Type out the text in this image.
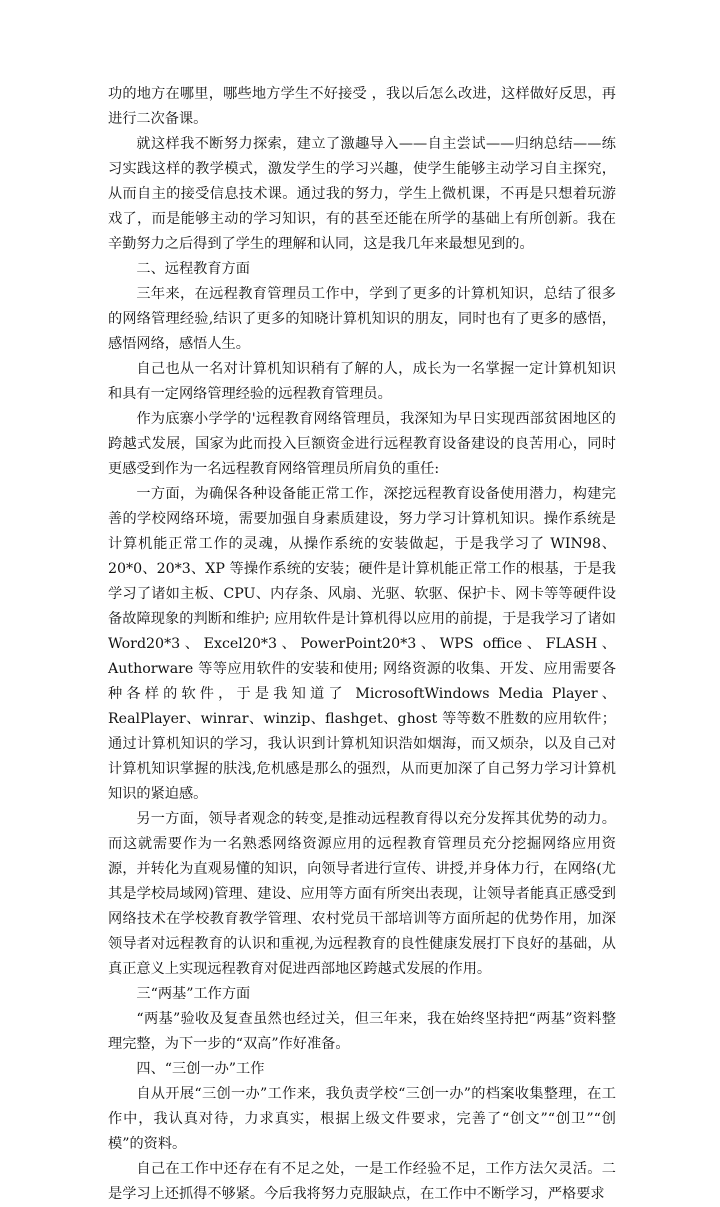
功的地方在哪里，哪些地方学生不好接受 ，我以后怎么改进，这样做好反思，再进行二次备课。

就这样我不断努力探索，建立了激趣导入——自主尝试——归纳总结——练习实践这样的教学模式，激发学生的学习兴趣，使学生能够主动学习自主探究，从而自主的接受信息技术课。通过我的努力，学生上微机课，不再是只想着玩游戏了，而是能够主动的学习知识，有的甚至还能在所学的基础上有所创新。我在辛勤努力之后得到了学生的理解和认同，这是我几年来最想见到的。

二、远程教育方面

三年来，在远程教育管理员工作中，学到了更多的计算机知识，总结了很多的网络管理经验,结识了更多的知晓计算机知识的朋友，同时也有了更多的感悟，感悟网络，感悟人生。

自己也从一名对计算机知识稍有了解的人，成长为一名掌握一定计算机知识和具有一定网络管理经验的远程教育管理员。

作为底寨小学学的'远程教育网络管理员，我深知为早日实现西部贫困地区的跨越式发展，国家为此而投入巨额资金进行远程教育设备建设的良苦用心，同时更感受到作为一名远程教育网络管理员所肩负的重任:

一方面，为确保各种设备能正常工作，深挖远程教育设备使用潜力，构建完善的学校网络环境，需要加强自身素质建设，努力学习计算机知识。操作系统是计算机能正常工作的灵魂，从操作系统的安装做起，于是我学习了 WIN98、20*0、20*3、XP 等操作系统的安装；硬件是计算机能正常工作的根基，于是我学习了诸如主板、CPU、内存条、风扇、光驱、软驱、保护卡、网卡等等硬件设备故障现象的判断和维护; 应用软件是计算机得以应用的前提，于是我学习了诸如 Word20*3、Excel20*3、PowerPoint20*3、WPS office、FLASH、Authorware 等等应用软件的安装和使用; 网络资源的收集、开发、应用需要各种各样的软件，于是我知道了 MicrosoftWindows Media Player、RealPlayer、winrar、winzip、flashget、ghost 等等数不胜数的应用软件；通过计算机知识的学习，我认识到计算机知识浩如烟海，而又烦杂，以及自己对计算机知识掌握的肤浅,危机感是那么的强烈，从而更加深了自己努力学习计算机知识的紧迫感。

另一方面，领导者观念的转变,是推动远程教育得以充分发挥其优势的动力。而这就需要作为一名熟悉网络资源应用的远程教育管理员充分挖掘网络应用资源，并转化为直观易懂的知识，向领导者进行宣传、讲授,并身体力行，在网络(尤其是学校局域网)管理、建设、应用等方面有所突出表现，让领导者能真正感受到网络技术在学校教育教学管理、农村党员干部培训等方面所起的优势作用，加深领导者对远程教育的认识和重视,为远程教育的良性健康发展打下良好的基础，从真正意义上实现远程教育对促进西部地区跨越式发展的作用。

三“两基”工作方面

“两基”验收及复查虽然也经过关，但三年来，我在始终坚持把“两基”资料整理完整，为下一步的“双高”作好准备。

四、“三创一办”工作

自从开展“三创一办”工作来，我负责学校“三创一办”的档案收集整理，在工作中，我认真对待，力求真实，根据上级文件要求，完善了“创文”“创卫”“创模”的资料。

自己在工作中还存在有不足之处，一是工作经验不足，工作方法欠灵活。二是学习上还抓得不够紧。今后我将努力克服缺点，在工作中不断学习，严格要求
